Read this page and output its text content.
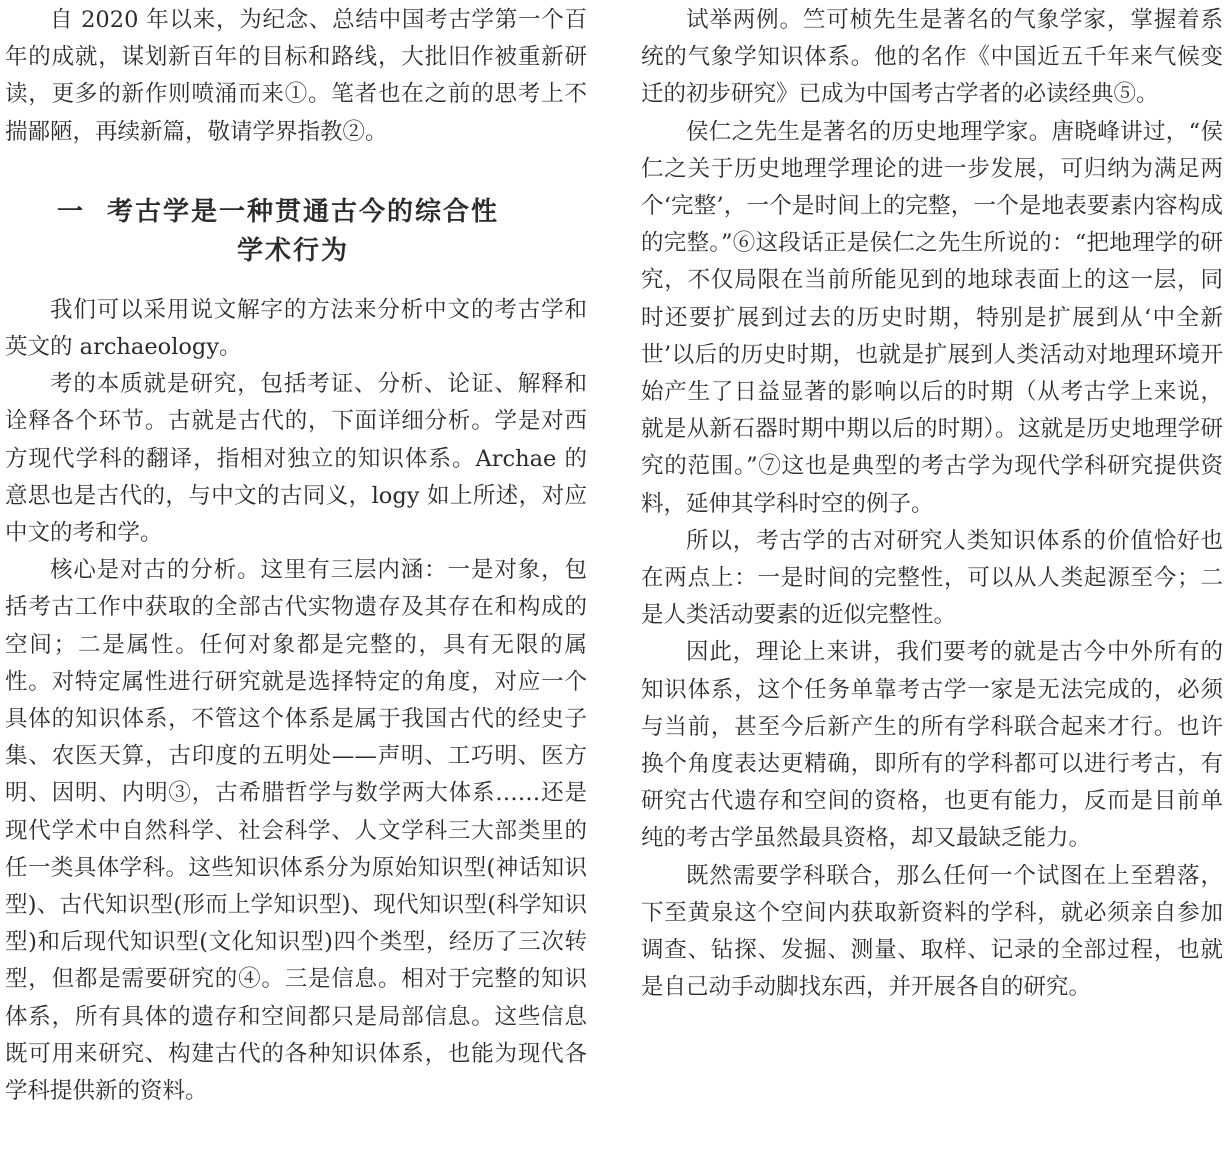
自 2020 年以来，为纪念、总结中国考古学第一个百年的成就，谋划新百年的目标和路线，大批旧作被重新研读，更多的新作则喷涌而来①。笔者也在之前的思考上不揣鄙陋，再续新篇，敬请学界指教②。

一 考古学是一种贯通古今的综合性
学术行为

我们可以采用说文解字的方法来分析中文的考古学和英文的 archaeology。

考的本质就是研究，包括考证、分析、论证、解释和诠释各个环节。古就是古代的，下面详细分析。学是对西方现代学科的翻译，指相对独立的知识体系。Archae 的意思也是古代的，与中文的古同义，logy 如上所述，对应中文的考和学。

核心是对古的分析。这里有三层内涵：一是对象，包括考古工作中获取的全部古代实物遗存及其存在和构成的空间；二是属性。任何对象都是完整的，具有无限的属性。对特定属性进行研究就是选择特定的角度，对应一个具体的知识体系，不管这个体系是属于我国古代的经史子集、农医天算，古印度的五明处——声明、工巧明、医方明、因明、内明③，古希腊哲学与数学两大体系……还是现代学术中自然科学、社会科学、人文学科三大部类里的任一类具体学科。这些知识体系分为原始知识型(神话知识型)、古代知识型(形而上学知识型)、现代知识型(科学知识型)和后现代知识型(文化知识型)四个类型，经历了三次转型，但都是需要研究的④。三是信息。相对于完整的知识体系，所有具体的遗存和空间都只是局部信息。这些信息既可用来研究、构建古代的各种知识体系，也能为现代各学科提供新的资料。

试举两例。竺可桢先生是著名的气象学家，掌握着系统的气象学知识体系。他的名作《中国近五千年来气候变迁的初步研究》已成为中国考古学者的必读经典⑤。

侯仁之先生是著名的历史地理学家。唐晓峰讲过，“侯仁之关于历史地理学理论的进一步发展，可归纳为满足两个‘完整’，一个是时间上的完整，一个是地表要素内容构成的完整。”⑥这段话正是侯仁之先生所说的：“把地理学的研究，不仅局限在当前所能见到的地球表面上的这一层，同时还要扩展到过去的历史时期，特别是扩展到从‘中全新世’以后的历史时期，也就是扩展到人类活动对地理环境开始产生了日益显著的影响以后的时期（从考古学上来说，就是从新石器时期中期以后的时期）。这就是历史地理学研究的范围。”⑦这也是典型的考古学为现代学科研究提供资料，延伸其学科时空的例子。

所以，考古学的古对研究人类知识体系的价值恰好也在两点上：一是时间的完整性，可以从人类起源至今；二是人类活动要素的近似完整性。

因此，理论上来讲，我们要考的就是古今中外所有的知识体系，这个任务单靠考古学一家是无法完成的，必须与当前，甚至今后新产生的所有学科联合起来才行。也许换个角度表达更精确，即所有的学科都可以进行考古，有研究古代遗存和空间的资格，也更有能力，反而是目前单纯的考古学虽然最具资格，却又最缺乏能力。

既然需要学科联合，那么任何一个试图在上至碧落，下至黄泉这个空间内获取新资料的学科，就必须亲自参加调查、钻探、发掘、测量、取样、记录的全部过程，也就是自己动手动脚找东西，并开展各自的研究。
